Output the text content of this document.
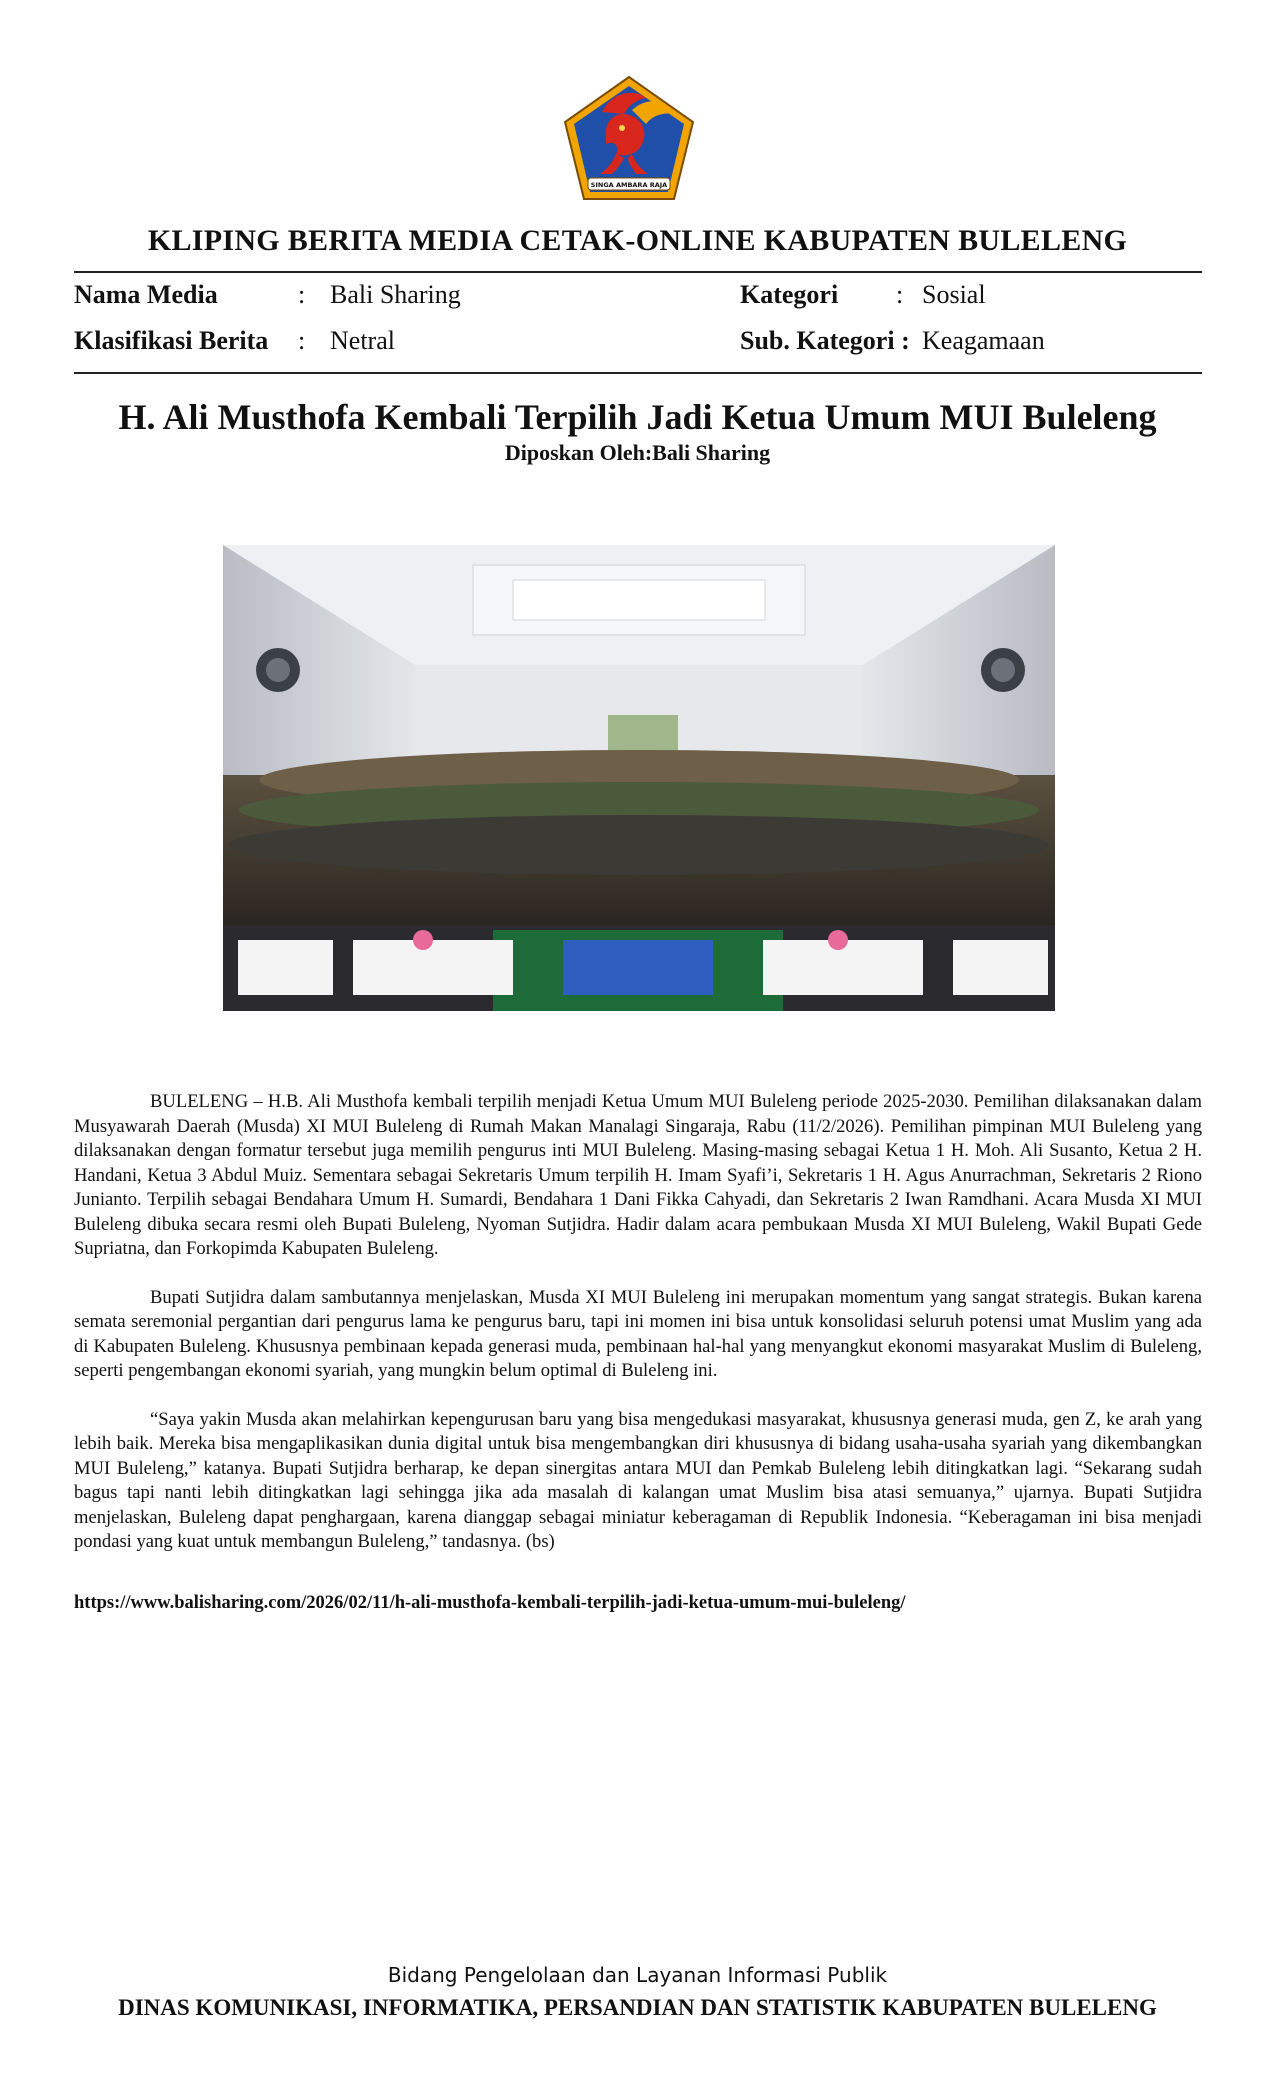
SINGA AMBARA RAJA
KLIPING BERITA MEDIA CETAK-ONLINE KABUPATEN BULELENG
Nama Media	: Bali Sharing	Kategori : Sosial
Klasifikasi Berita : Netral	Sub. Kategori : Keagamaan
H. Ali Musthofa Kembali Terpilih Jadi Ketua Umum MUI Buleleng
Diposkan Oleh:Bali Sharing

BULELENG – H.B. Ali Musthofa kembali terpilih menjadi Ketua Umum MUI Buleleng periode 2025-2030. Pemilihan dilaksanakan dalam Musyawarah Daerah (Musda) XI MUI Buleleng di Rumah Makan Manalagi Singaraja, Rabu (11/2/2026). Pemilihan pimpinan MUI Buleleng yang dilaksanakan dengan formatur tersebut juga memilih pengurus inti MUI Buleleng. Masing-masing sebagai Ketua 1 H. Moh. Ali Susanto, Ketua 2 H. Handani, Ketua 3 Abdul Muiz. Sementara sebagai Sekretaris Umum terpilih H. Imam Syafi’i, Sekretaris 1 H. Agus Anurrachman, Sekretaris 2 Riono Junianto. Terpilih sebagai Bendahara Umum H. Sumardi, Bendahara 1 Dani Fikka Cahyadi, dan Sekretaris 2 Iwan Ramdhani. Acara Musda XI MUI Buleleng dibuka secara resmi oleh Bupati Buleleng, Nyoman Sutjidra. Hadir dalam acara pembukaan Musda XI MUI Buleleng, Wakil Bupati Gede Supriatna, dan Forkopimda Kabupaten Buleleng.

Bupati Sutjidra dalam sambutannya menjelaskan, Musda XI MUI Buleleng ini merupakan momentum yang sangat strategis. Bukan karena semata seremonial pergantian dari pengurus lama ke pengurus baru, tapi ini momen ini bisa untuk konsolidasi seluruh potensi umat Muslim yang ada di Kabupaten Buleleng. Khususnya pembinaan kepada generasi muda, pembinaan hal-hal yang menyangkut ekonomi masyarakat Muslim di Buleleng, seperti pengembangan ekonomi syariah, yang mungkin belum optimal di Buleleng ini.

“Saya yakin Musda akan melahirkan kepengurusan baru yang bisa mengedukasi masyarakat, khususnya generasi muda, gen Z, ke arah yang lebih baik. Mereka bisa mengaplikasikan dunia digital untuk bisa mengembangkan diri khususnya di bidang usaha-usaha syariah yang dikembangkan MUI Buleleng,” katanya. Bupati Sutjidra berharap, ke depan sinergitas antara MUI dan Pemkab Buleleng lebih ditingkatkan lagi. “Sekarang sudah bagus tapi nanti lebih ditingkatkan lagi sehingga jika ada masalah di kalangan umat Muslim bisa atasi semuanya,” ujarnya. Bupati Sutjidra menjelaskan, Buleleng dapat penghargaan, karena dianggap sebagai miniatur keberagaman di Republik Indonesia. “Keberagaman ini bisa menjadi pondasi yang kuat untuk membangun Buleleng,” tandasnya. (bs)

https://www.balisharing.com/2026/02/11/h-ali-musthofa-kembali-terpilih-jadi-ketua-umum-mui-buleleng/
Bidang Pengelolaan dan Layanan Informasi Publik
DINAS KOMUNIKASI, INFORMATIKA, PERSANDIAN DAN STATISTIK KABUPATEN BULELENG
